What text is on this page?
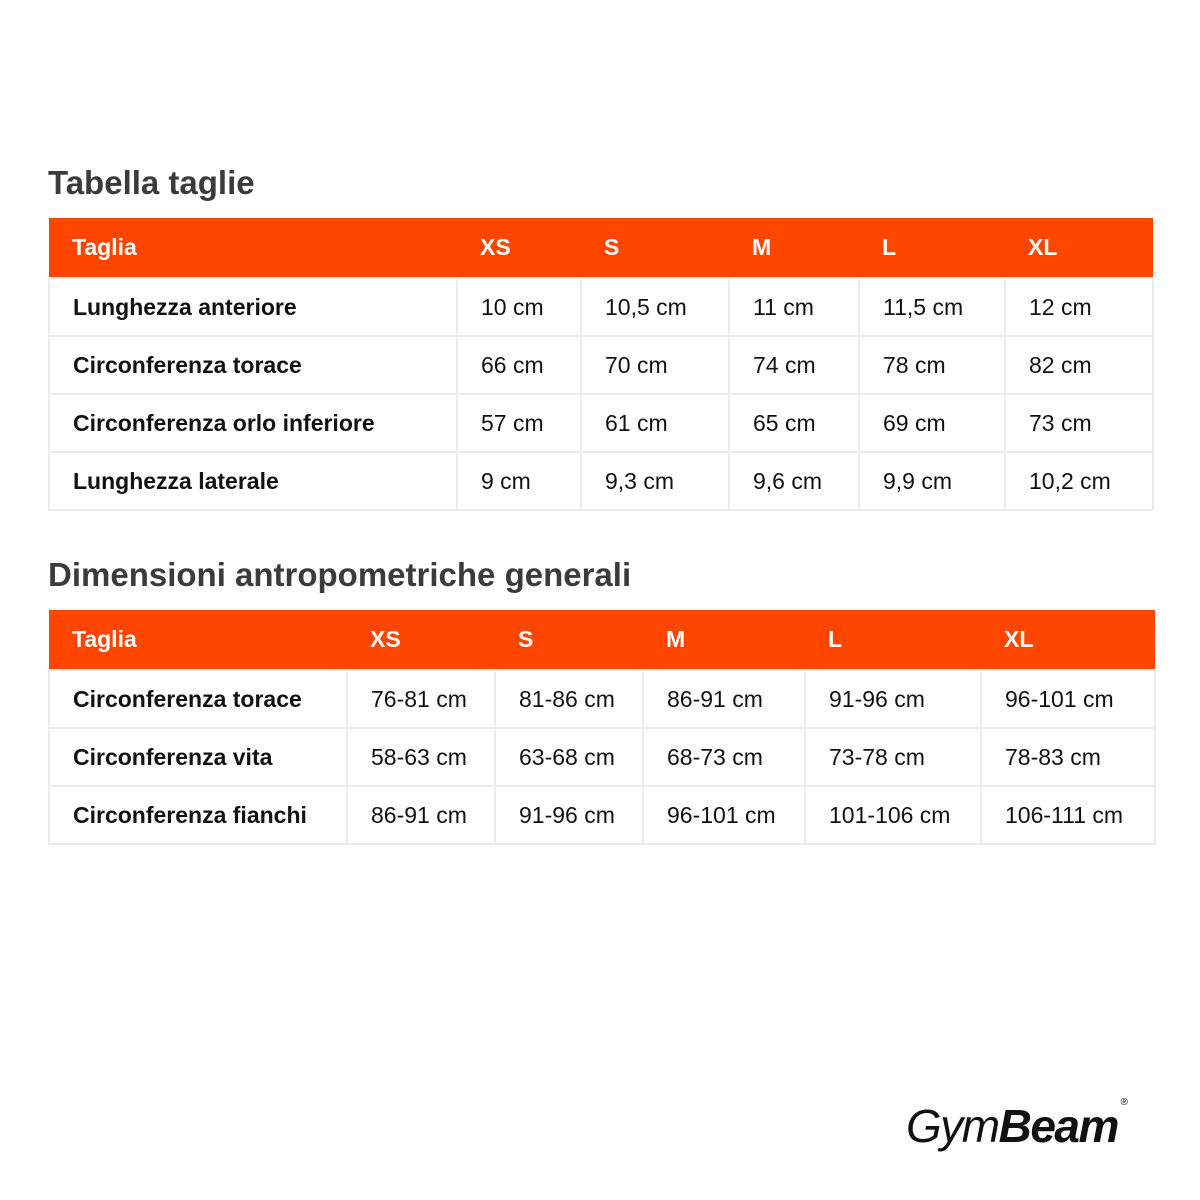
Tabella taglie
Taglia	XS	S	M	L	XL
Lunghezza anteriore	10 cm	10,5 cm	11 cm	11,5 cm	12 cm
Circonferenza torace	66 cm	70 cm	74 cm	78 cm	82 cm
Circonferenza orlo inferiore	57 cm	61 cm	65 cm	69 cm	73 cm
Lunghezza laterale	9 cm	9,3 cm	9,6 cm	9,9 cm	10,2 cm
Dimensioni antropometriche generali
Taglia	XS	S	M	L	XL
Circonferenza torace	76-81 cm	81-86 cm	86-91 cm	91-96 cm	96-101 cm
Circonferenza vita	58-63 cm	63-68 cm	68-73 cm	73-78 cm	78-83 cm
Circonferenza fianchi	86-91 cm	91-96 cm	96-101 cm	101-106 cm	106-111 cm
GymBeam ®
